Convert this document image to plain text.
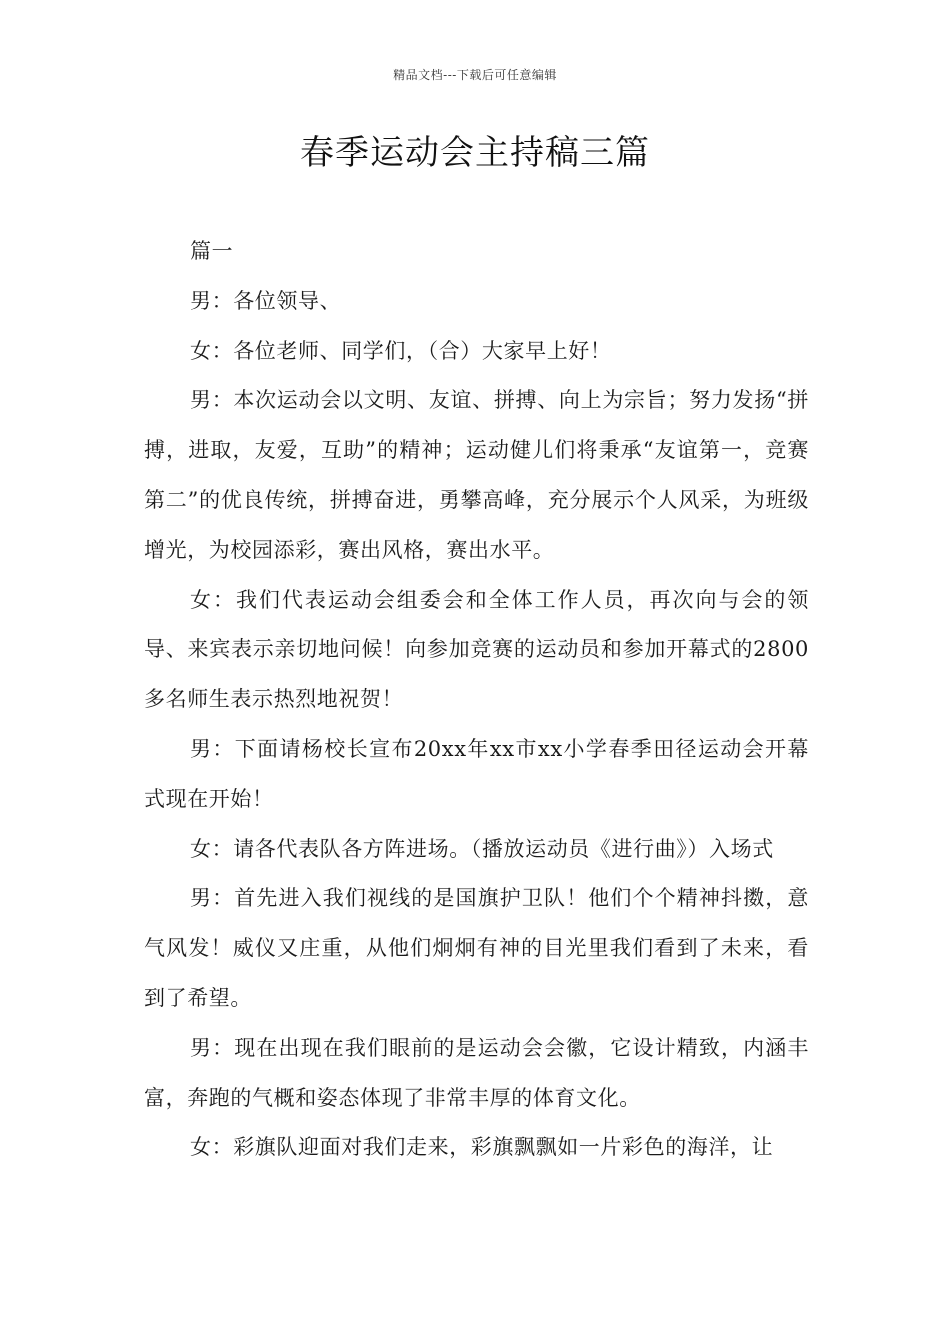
精品文档---下载后可任意编辑
春季运动会主持稿三篇

篇一

男：各位领导、

女：各位老师、同学们，（合）大家早上好！

男：本次运动会以文明、友谊、拼搏、向上为宗旨；努力发扬“拼搏，进取，友爱，互助”的精神；运动健儿们将秉承“友谊第一，竞赛第二”的优良传统，拼搏奋进，勇攀高峰，充分展示个人风采，为班级增光，为校园添彩，赛出风格，赛出水平。

女：我们代表运动会组委会和全体工作人员，再次向与会的领导、来宾表示亲切地问候！向参加竞赛的运动员和参加开幕式的2800多名师生表示热烈地祝贺！

男：下面请杨校长宣布20xx年xx市xx小学春季田径运动会开幕式现在开始！

女：请各代表队各方阵进场。（播放运动员《进行曲》）入场式

男：首先进入我们视线的是国旗护卫队！他们个个精神抖擞，意气风发！威仪又庄重，从他们炯炯有神的目光里我们看到了未来，看到了希望。

男：现在出现在我们眼前的是运动会会徽，它设计精致，内涵丰富，奔跑的气概和姿态体现了非常丰厚的体育文化。

女：彩旗队迎面对我们走来，彩旗飘飘如一片彩色的海洋，让
